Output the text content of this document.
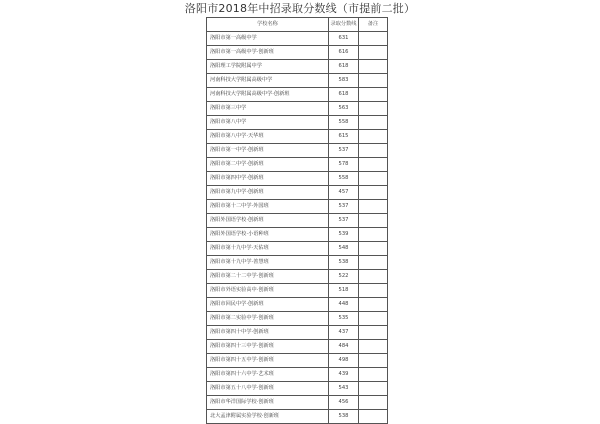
洛阳市2018年中招录取分数线（市提前二批）
学校名称	录取分数线	备注
洛阳市第一高级中学	631	
洛阳市第一高级中学·创新班	616	
洛阳理工学院附属中学	618	
河南科技大学附属高级中学	583	
河南科技大学附属高级中学·创新班	618	
洛阳市第三中学	563	
洛阳市第八中学	558	
洛阳市第八中学·天华班	615	
洛阳市第一中学·创新班	537	
洛阳市第二中学·创新班	578	
洛阳市第四中学·创新班	558	
洛阳市第九中学·创新班	457	
洛阳市第十二中学·外国班	537	
洛阳外国语学校·创新班	537	
洛阳外国语学校·小语种班	539	
洛阳市第十九中学·天佑班	548	
洛阳市第十九中学·善慧班	538	
洛阳市第二十二中学·创新班	522	
洛阳市外语实验高中·创新班	518	
洛阳市回民中学·创新班	448	
洛阳市第二实验中学·创新班	535	
洛阳市第四十中学·创新班	437	
洛阳市第四十三中学·创新班	484	
洛阳市第四十五中学·创新班	498	
洛阳市第四十六中学·艺术班	439	
洛阳市第五十八中学·创新班	543	
洛阳市华洋国际学校·创新班	456	
北大孟津附属实验学校·创新班	538	
